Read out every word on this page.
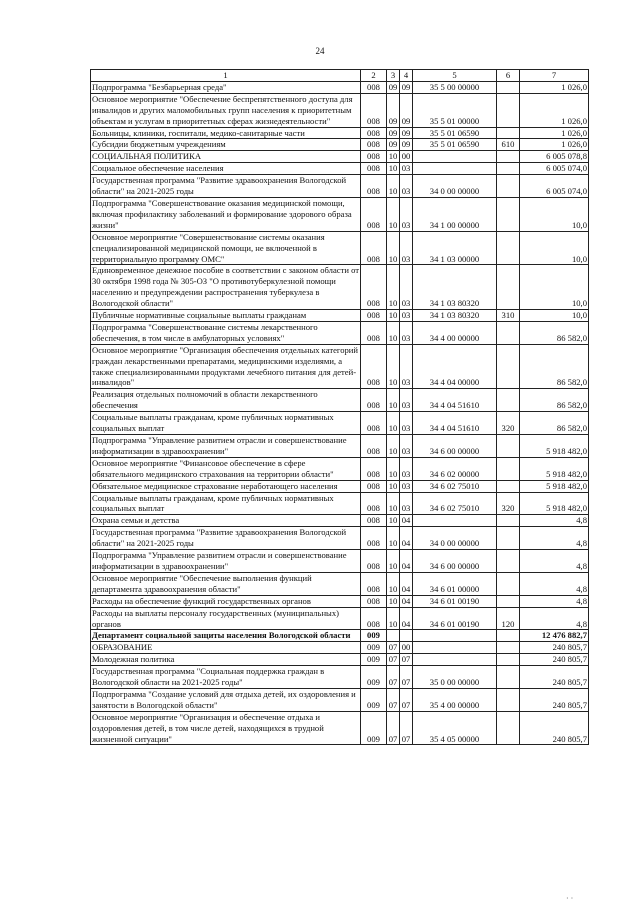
24
1	2	3	4	5	6	7
Подпрограмма "Безбарьерная среда"	008	09	09	35 5 00 00000		1 026,0
Основное мероприятие "Обеспечение беспрепятственного доступа для инвалидов и других маломобильных групп населения к приоритетным объектам и услугам в приоритетных сферах жизнедеятельности"	008	09	09	35 5 01 00000		1 026,0
Больницы, клиники, госпитали, медико-санитарные части	008	09	09	35 5 01 06590		1 026,0
Субсидии бюджетным учреждениям	008	09	09	35 5 01 06590	610	1 026,0
СОЦИАЛЬНАЯ ПОЛИТИКА	008	10	00			6 005 078,8
Социальное обеспечение населения	008	10	03			6 005 074,0
Государственная программа "Развитие здравоохранения Вологодской области" на 2021-2025 годы	008	10	03	34 0 00 00000		6 005 074,0
Подпрограмма "Совершенствование оказания медицинской помощи, включая профилактику заболеваний и формирование здорового образа жизни"	008	10	03	34 1 00 00000		10,0
Основное мероприятие "Совершенствование системы оказания специализированной медицинской помощи, не включенной в территориальную программу ОМС"	008	10	03	34 1 03 00000		10,0
Единовременное денежное пособие в соответствии с законом области от 30 октября 1998 года № 305-ОЗ "О противотуберкулезной помощи населению и предупреждении распространения туберкулеза в Вологодской области"	008	10	03	34 1 03 80320		10,0
Публичные нормативные социальные выплаты гражданам	008	10	03	34 1 03 80320	310	10,0
Подпрограмма "Совершенствование системы лекарственного обеспечения, в том числе в амбулаторных условиях"	008	10	03	34 4 00 00000		86 582,0
Основное мероприятие "Организация обеспечения отдельных категорий граждан лекарственными препаратами, медицинскими изделиями, а также специализированными продуктами лечебного питания для детей-инвалидов"	008	10	03	34 4 04 00000		86 582,0
Реализация отдельных полномочий в области лекарственного обеспечения	008	10	03	34 4 04 51610		86 582,0
Социальные выплаты гражданам, кроме публичных нормативных социальных выплат	008	10	03	34 4 04 51610	320	86 582,0
Подпрограмма "Управление развитием отрасли и совершенствование информатизации в здравоохранении"	008	10	03	34 6 00 00000		5 918 482,0
Основное мероприятие "Финансовое обеспечение в сфере обязательного медицинского страхования на территории области"	008	10	03	34 6 02 00000		5 918 482,0
Обязательное медицинское страхование неработающего населения	008	10	03	34 6 02 75010		5 918 482,0
Социальные выплаты гражданам, кроме публичных нормативных социальных выплат	008	10	03	34 6 02 75010	320	5 918 482,0
Охрана семьи и детства	008	10	04			4,8
Государственная программа "Развитие здравоохранения Вологодской области" на 2021-2025 годы	008	10	04	34 0 00 00000		4,8
Подпрограмма "Управление развитием отрасли и совершенствование информатизации в здравоохранении"	008	10	04	34 6 00 00000		4,8
Основное мероприятие "Обеспечение выполнения функций департамента здравоохранения области"	008	10	04	34 6 01 00000		4,8
Расходы на обеспечение функций государственных органов	008	10	04	34 6 01 00190		4,8
Расходы на выплаты персоналу государственных (муниципальных) органов	008	10	04	34 6 01 00190	120	4,8
Департамент социальной защиты населения Вологодской области	009					12 476 882,7
ОБРАЗОВАНИЕ	009	07	00			240 805,7
Молодежная политика	009	07	07			240 805,7
Государственная программа "Социальная поддержка граждан в Вологодской области на 2021-2025 годы"	009	07	07	35 0 00 00000		240 805,7
Подпрограмма "Создание условий для отдыха детей, их оздоровления и занятости в Вологодской области"	009	07	07	35 4 00 00000		240 805,7
Основное мероприятие "Организация и обеспечение отдыха и оздоровления детей, в том числе детей, находящихся в трудной жизненной ситуации"	009	07	07	35 4 05 00000		240 805,7
· ·
